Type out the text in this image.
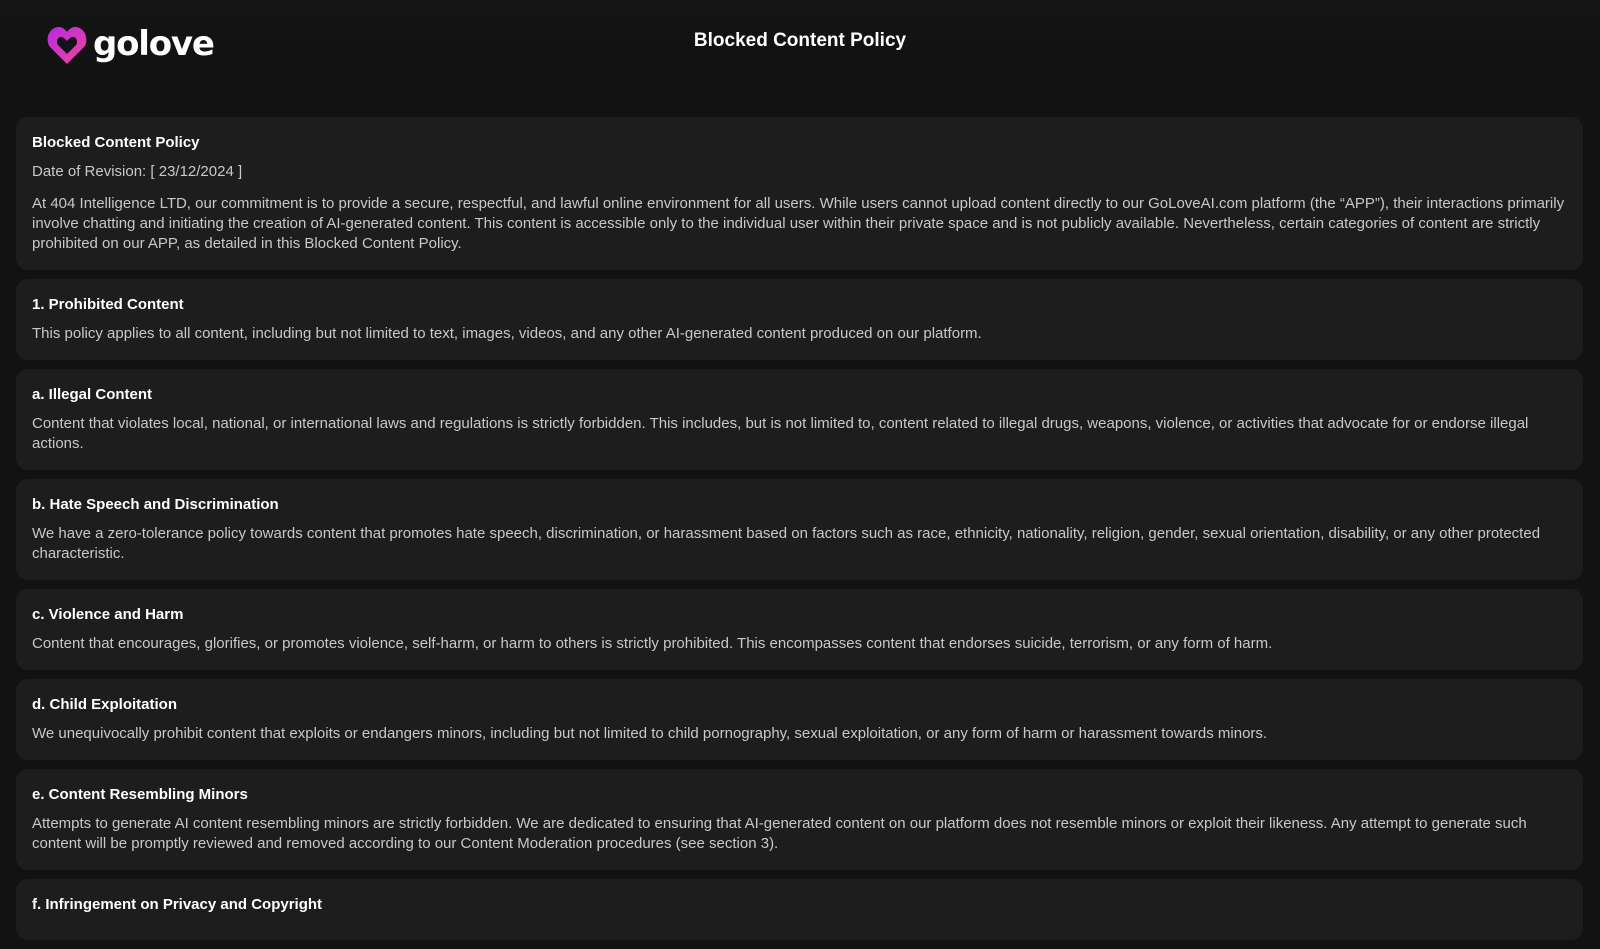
golove	Blocked Content Policy
Blocked Content Policy

Date of Revision: [ 23/12/2024 ]

At 404 Intelligence LTD, our commitment is to provide a secure, respectful, and lawful online environment for all users. While users cannot upload content directly to our GoLoveAI.com platform (the “APP”), their interactions primarily involve chatting and initiating the creation of AI-generated content. This content is accessible only to the individual user within their private space and is not publicly available. Nevertheless, certain categories of content are strictly prohibited on our APP, as detailed in this Blocked Content Policy.

1. Prohibited Content

This policy applies to all content, including but not limited to text, images, videos, and any other AI-generated content produced on our platform.

a. Illegal Content

Content that violates local, national, or international laws and regulations is strictly forbidden. This includes, but is not limited to, content related to illegal drugs, weapons, violence, or activities that advocate for or endorse illegal actions.

b. Hate Speech and Discrimination

We have a zero-tolerance policy towards content that promotes hate speech, discrimination, or harassment based on factors such as race, ethnicity, nationality, religion, gender, sexual orientation, disability, or any other protected characteristic.

c. Violence and Harm

Content that encourages, glorifies, or promotes violence, self-harm, or harm to others is strictly prohibited. This encompasses content that endorses suicide, terrorism, or any form of harm.

d. Child Exploitation

We unequivocally prohibit content that exploits or endangers minors, including but not limited to child pornography, sexual exploitation, or any form of harm or harassment towards minors.

e. Content Resembling Minors

Attempts to generate AI content resembling minors are strictly forbidden. We are dedicated to ensuring that AI-generated content on our platform does not resemble minors or exploit their likeness. Any attempt to generate such content will be promptly reviewed and removed according to our Content Moderation procedures (see section 3).

f. Infringement on Privacy and Copyright
